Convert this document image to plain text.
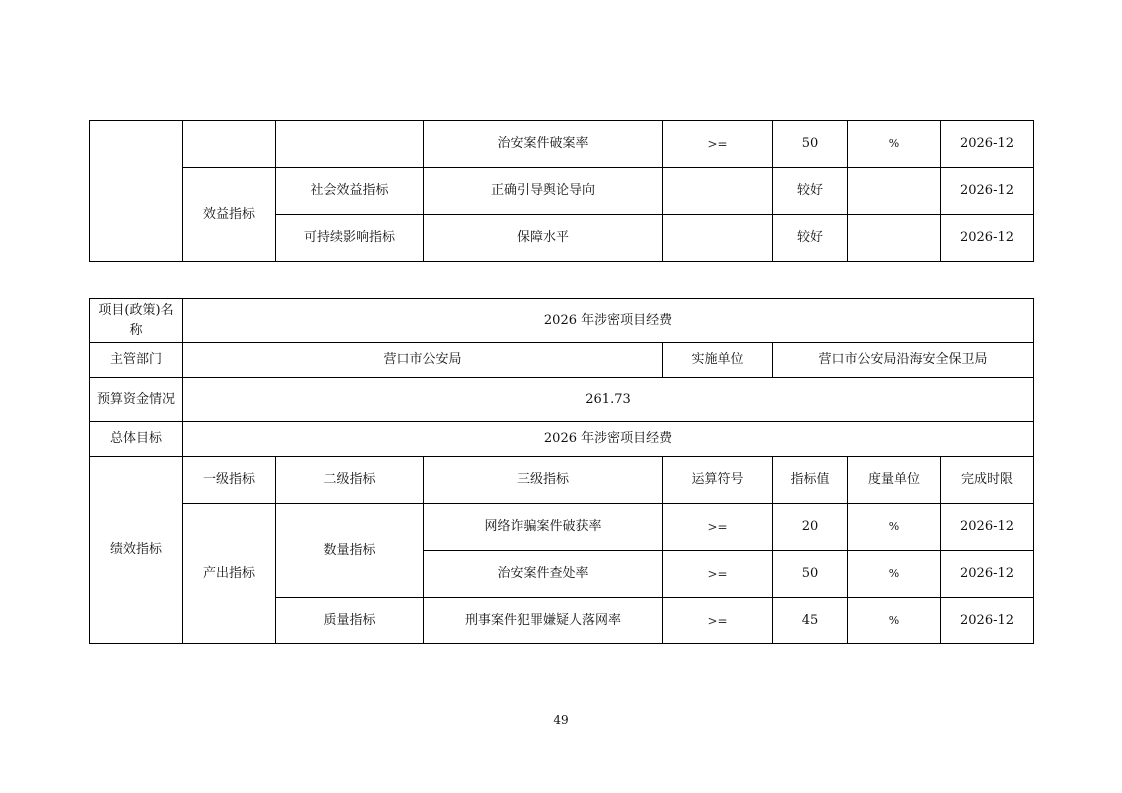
			治安案件破案率	>=	50	%	2026-12
	效益指标	社会效益指标	正确引导舆论导向		较好		2026-12
		可持续影响指标	保障水平		较好		2026-12
项目(政策)名称	2026 年涉密项目经费						
主管部门	营口市公安局			实施单位	营口市公安局沿海安全保卫局		
预算资金情况	261.73						
总体目标	2026 年涉密项目经费						
绩效指标	一级指标	二级指标	三级指标	运算符号	指标值	度量单位	完成时限
	产出指标	数量指标	网络诈骗案件破获率	>=	20	%	2026-12
			治安案件查处率	>=	50	%	2026-12
		质量指标	刑事案件犯罪嫌疑人落网率	>=	45	%	2026-12
49
